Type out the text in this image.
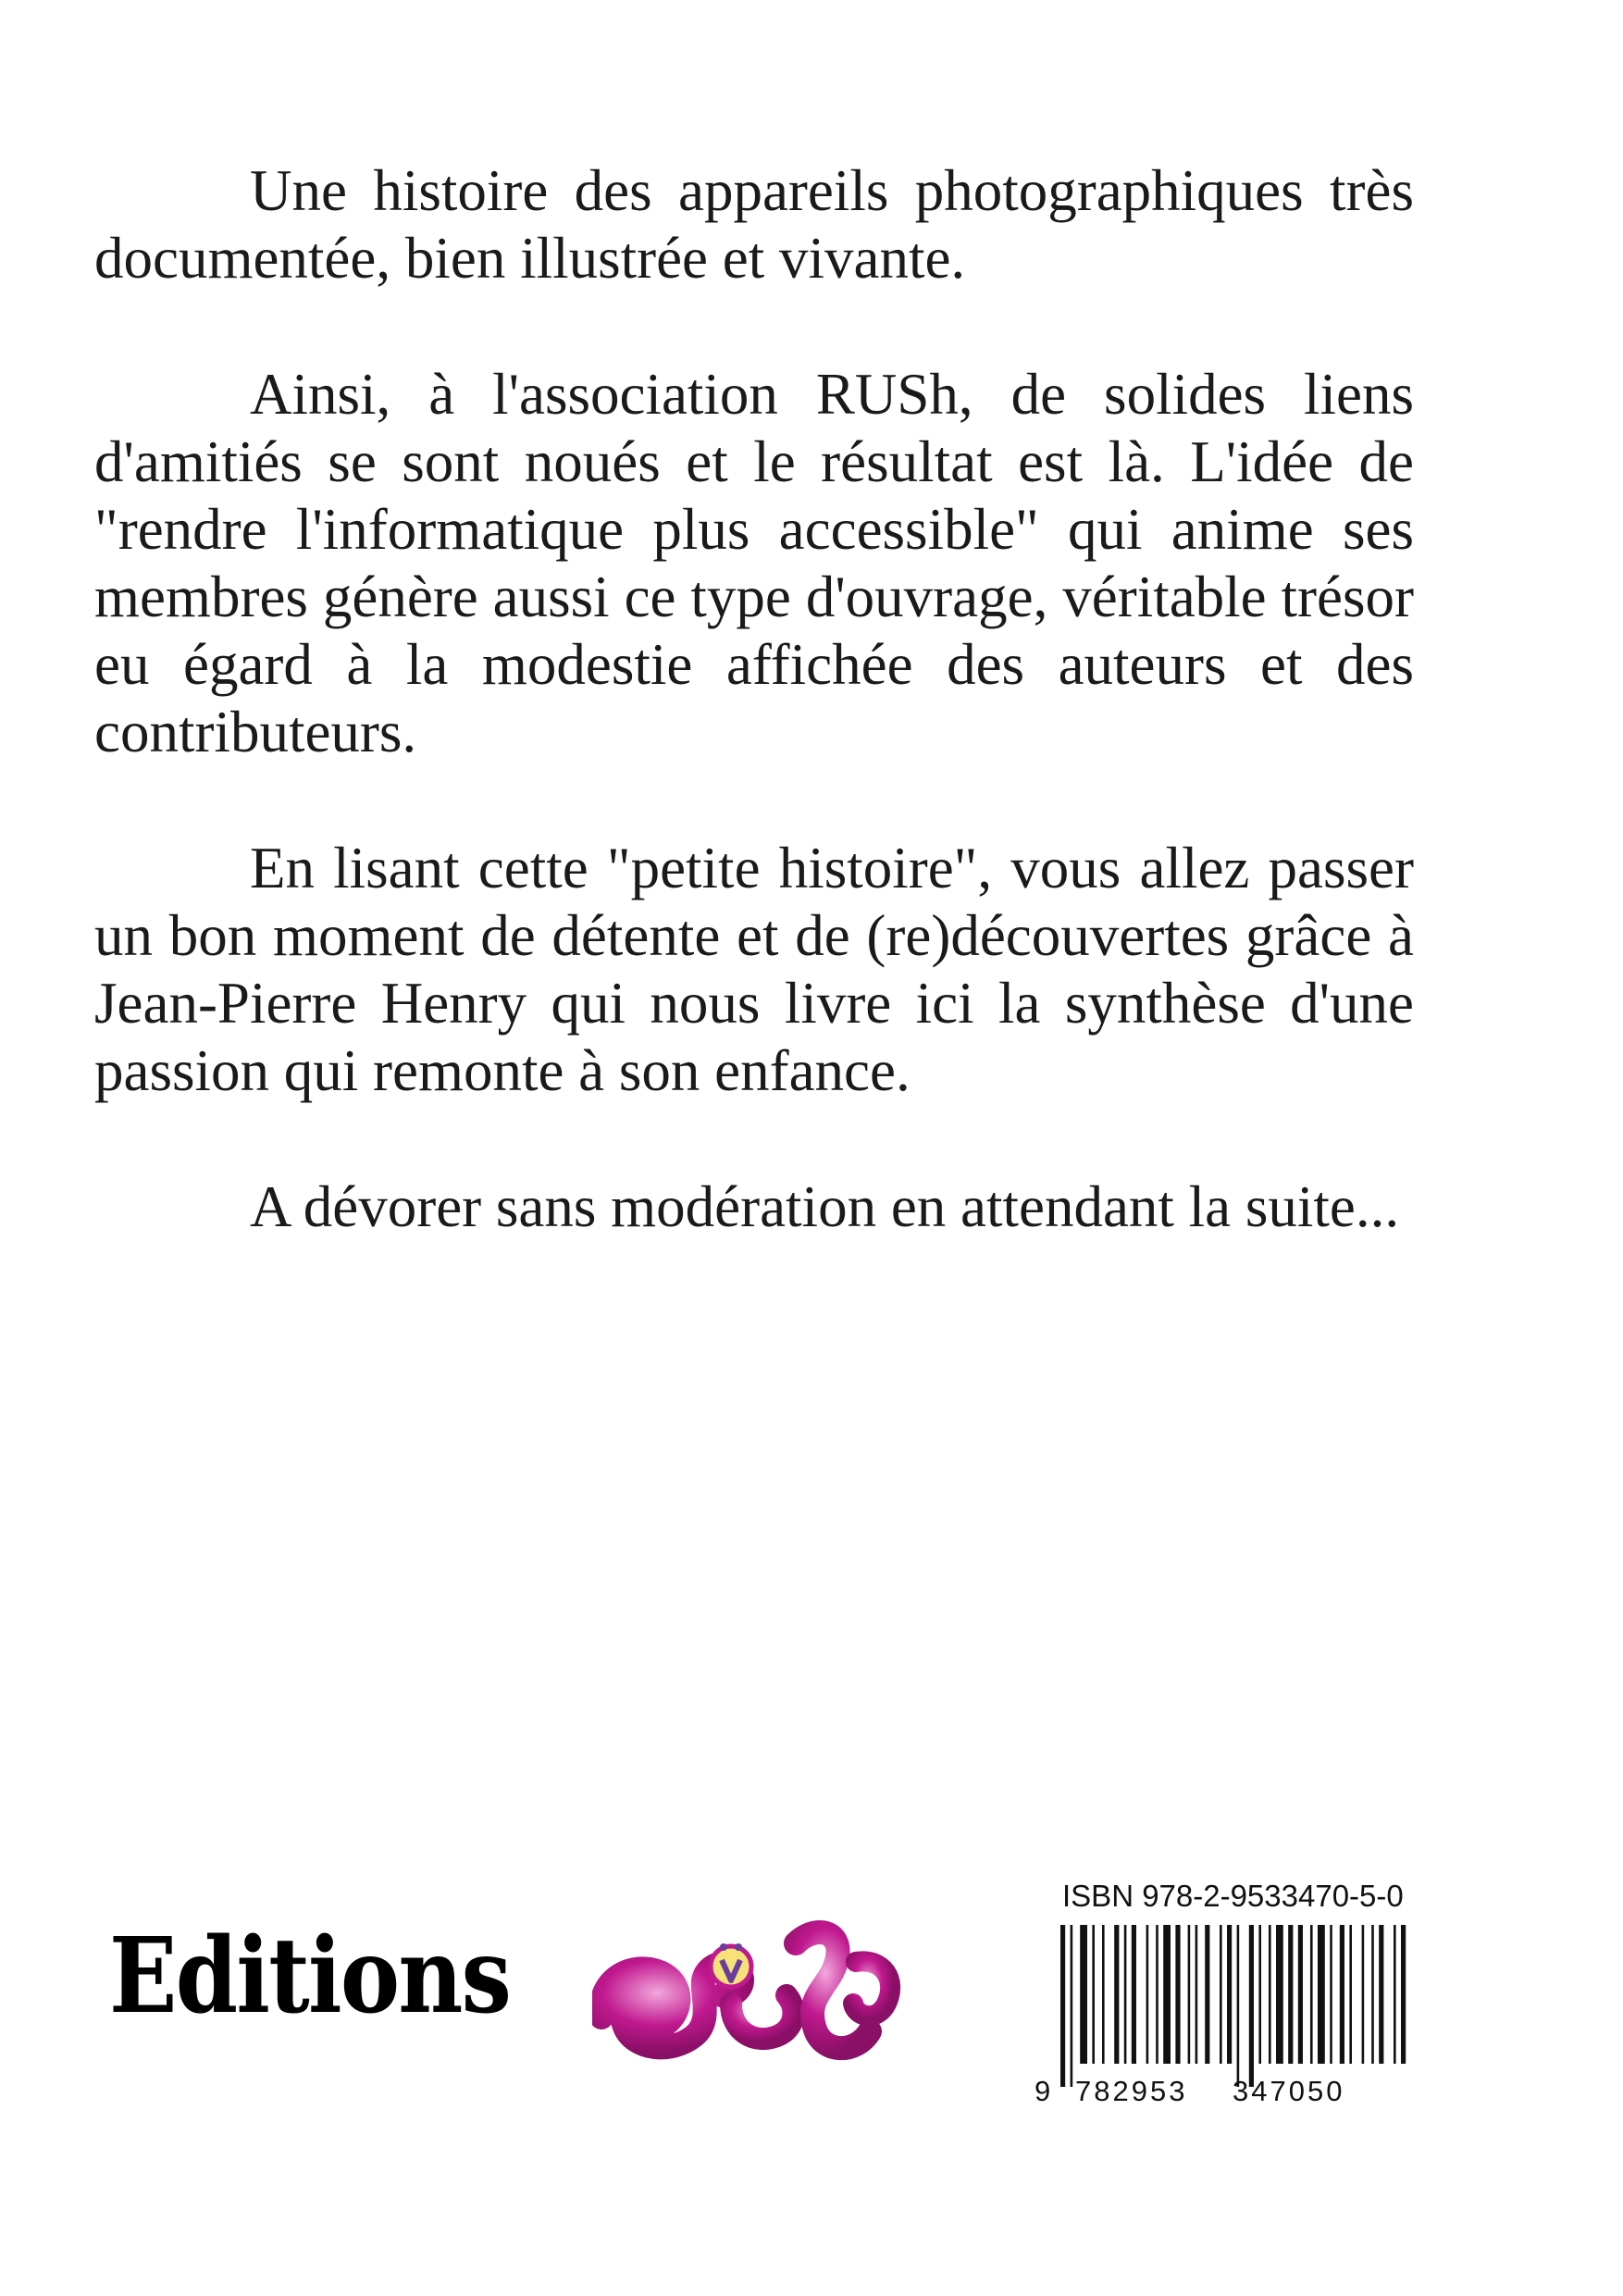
Une histoire des appareils photographiques très documentée, bien illustrée et vivante.

Ainsi, à l'association RUSh, de solides liens d'amitiés se sont noués et le résultat est là. L'idée de "rendre l'informatique plus accessible" qui anime ses membres génère aussi ce type d'ouvrage, véritable trésor eu égard à la modestie affichée des auteurs et des contributeurs.

En lisant cette "petite histoire", vous allez passer un bon moment de détente et de (re)découvertes grâce à Jean-Pierre Henry qui nous livre ici la synthèse d'une passion qui remonte à son enfance.

A dévorer sans modération en attendant la suite...

Editions
ISBN 978-2-9533470-5-0
9 782953 347050
